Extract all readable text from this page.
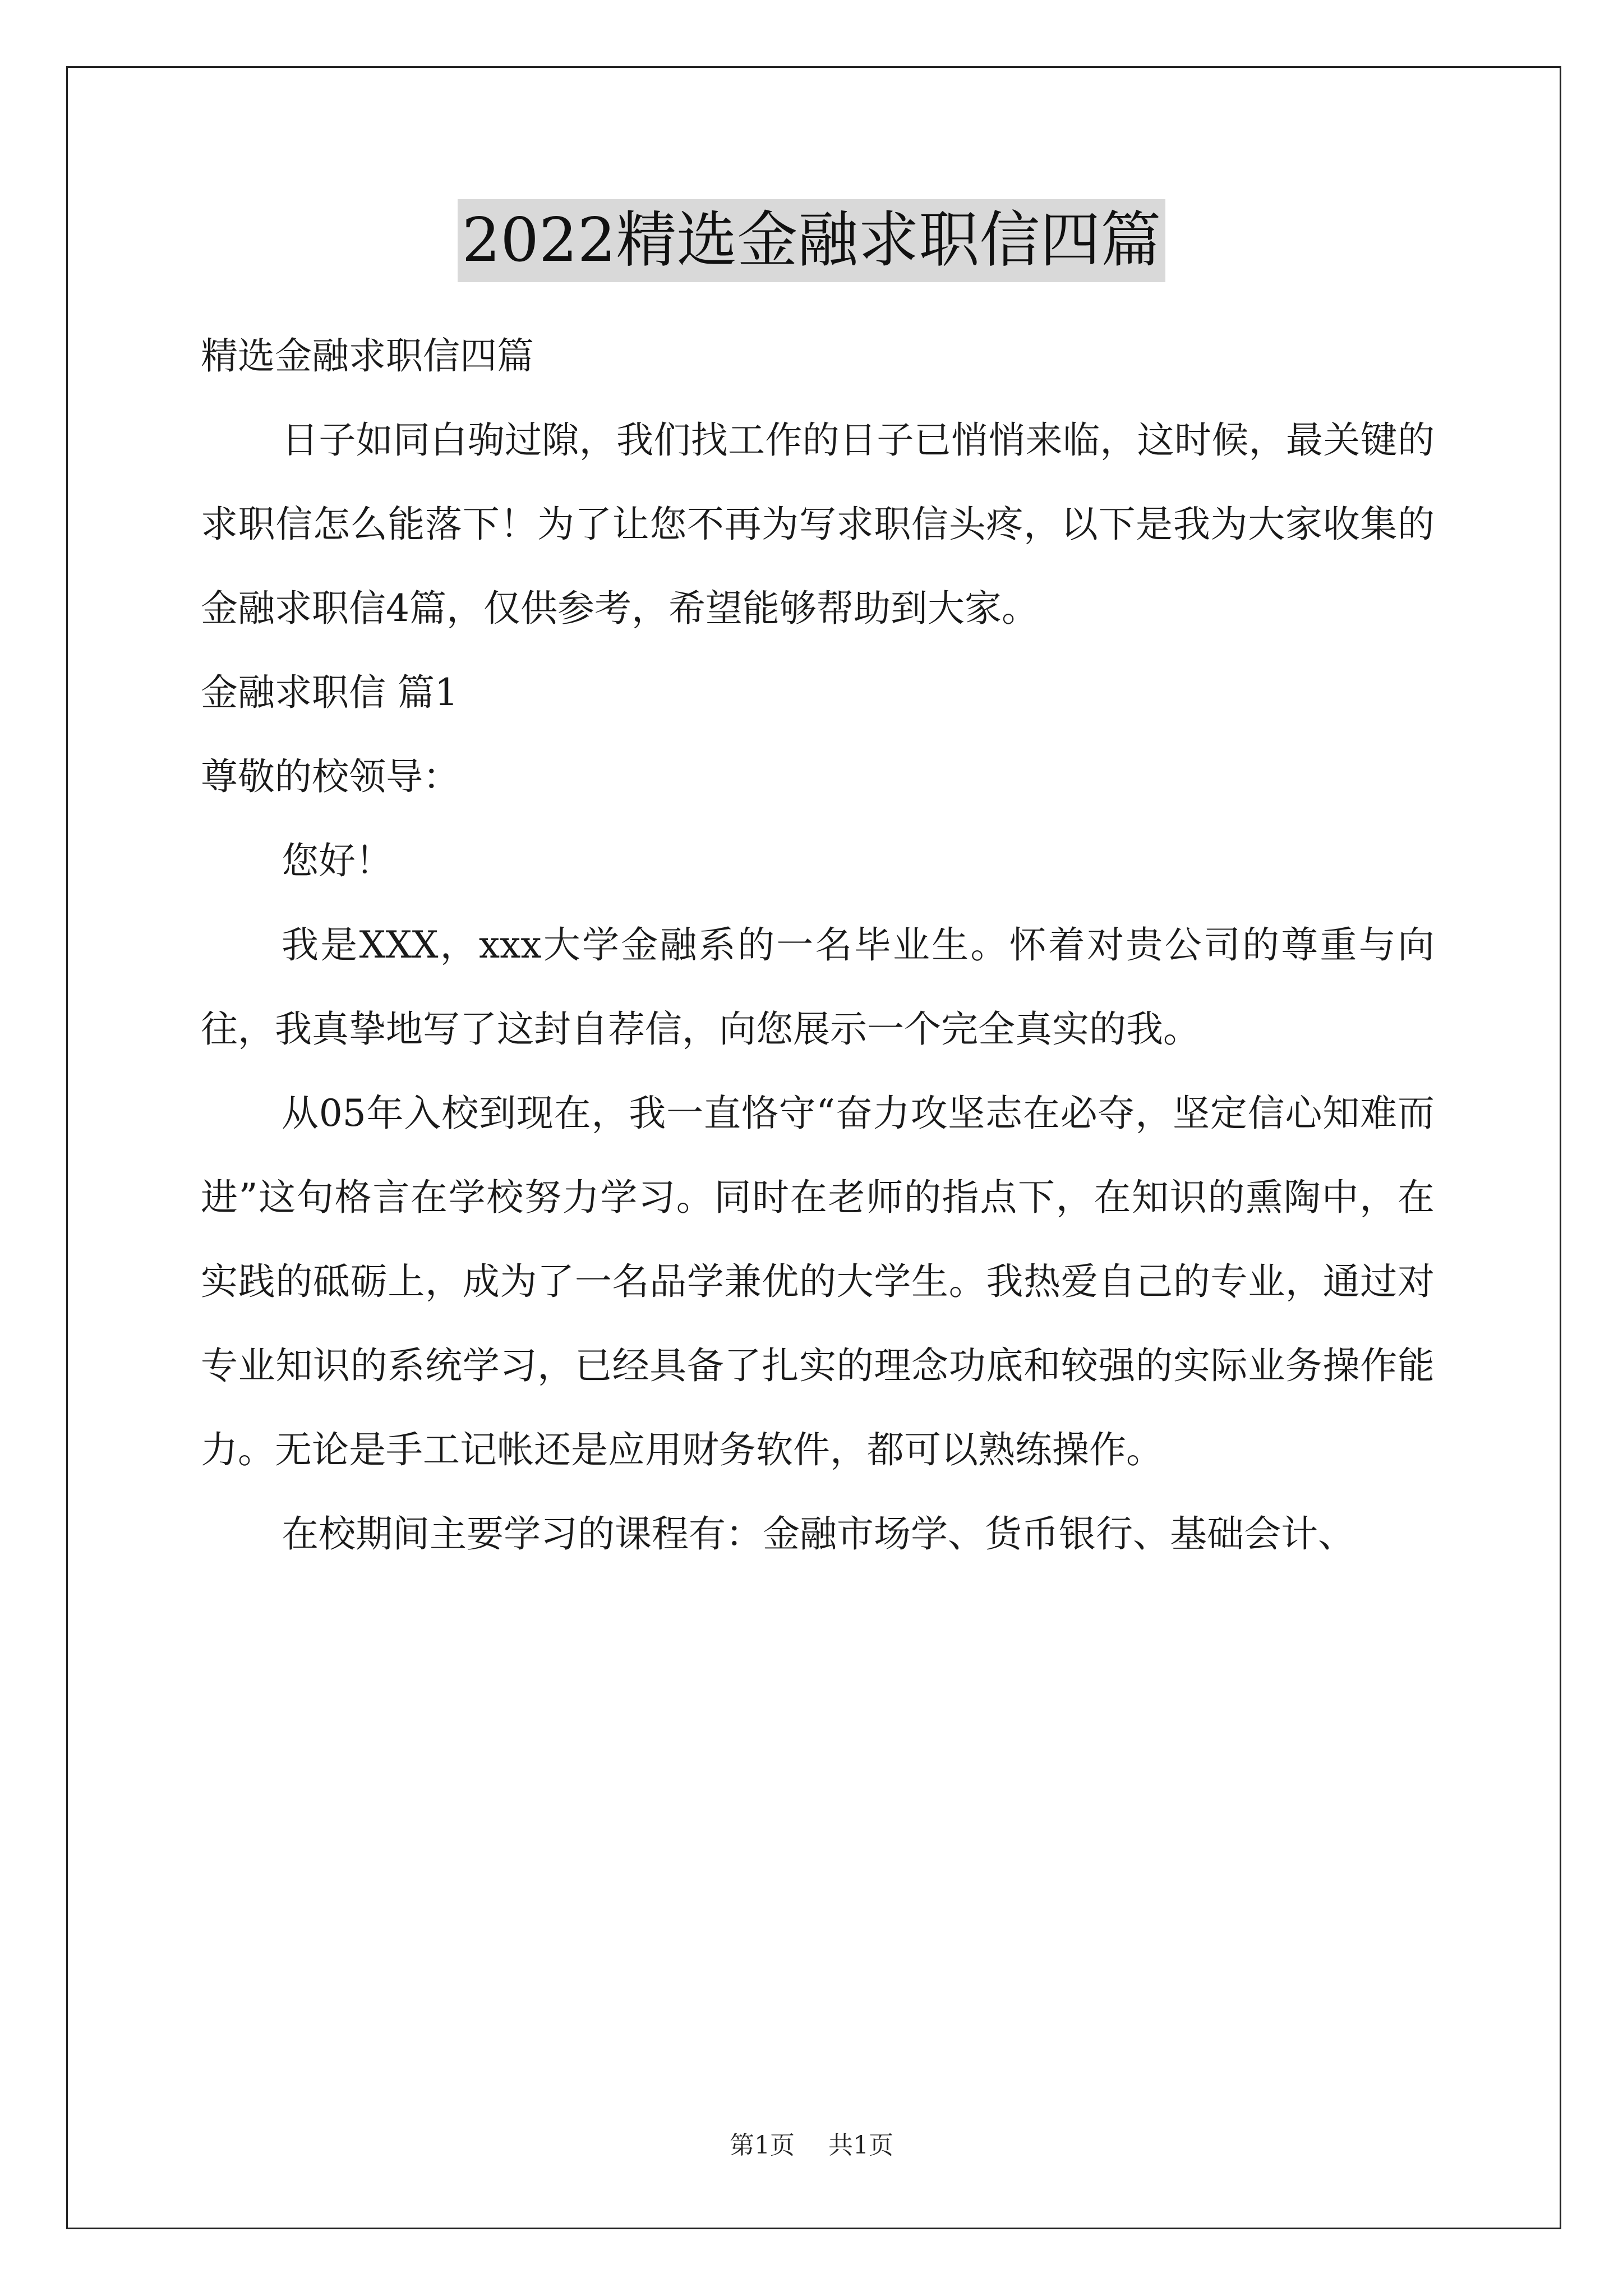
2022精选金融求职信四篇

精选金融求职信四篇

日子如同白驹过隙，我们找工作的日子已悄悄来临，这时候，最关键的求职信怎么能落下！为了让您不再为写求职信头疼，以下是我为大家收集的金融求职信4篇，仅供参考，希望能够帮助到大家。

金融求职信 篇1

尊敬的校领导：

您好！

我是XXX，xxx大学金融系的一名毕业生。怀着对贵公司的尊重与向往，我真挚地写了这封自荐信，向您展示一个完全真实的我。

从05年入校到现在，我一直恪守“奋力攻坚志在必夺，坚定信心知难而进”这句格言在学校努力学习。同时在老师的指点下，在知识的熏陶中，在实践的砥砺上，成为了一名品学兼优的大学生。我热爱自己的专业，通过对专业知识的系统学习，已经具备了扎实的理念功底和较强的实际业务操作能力。无论是手工记帐还是应用财务软件，都可以熟练操作。

在校期间主要学习的课程有：金融市场学、货币银行、基础会计、

第1页 共1页
